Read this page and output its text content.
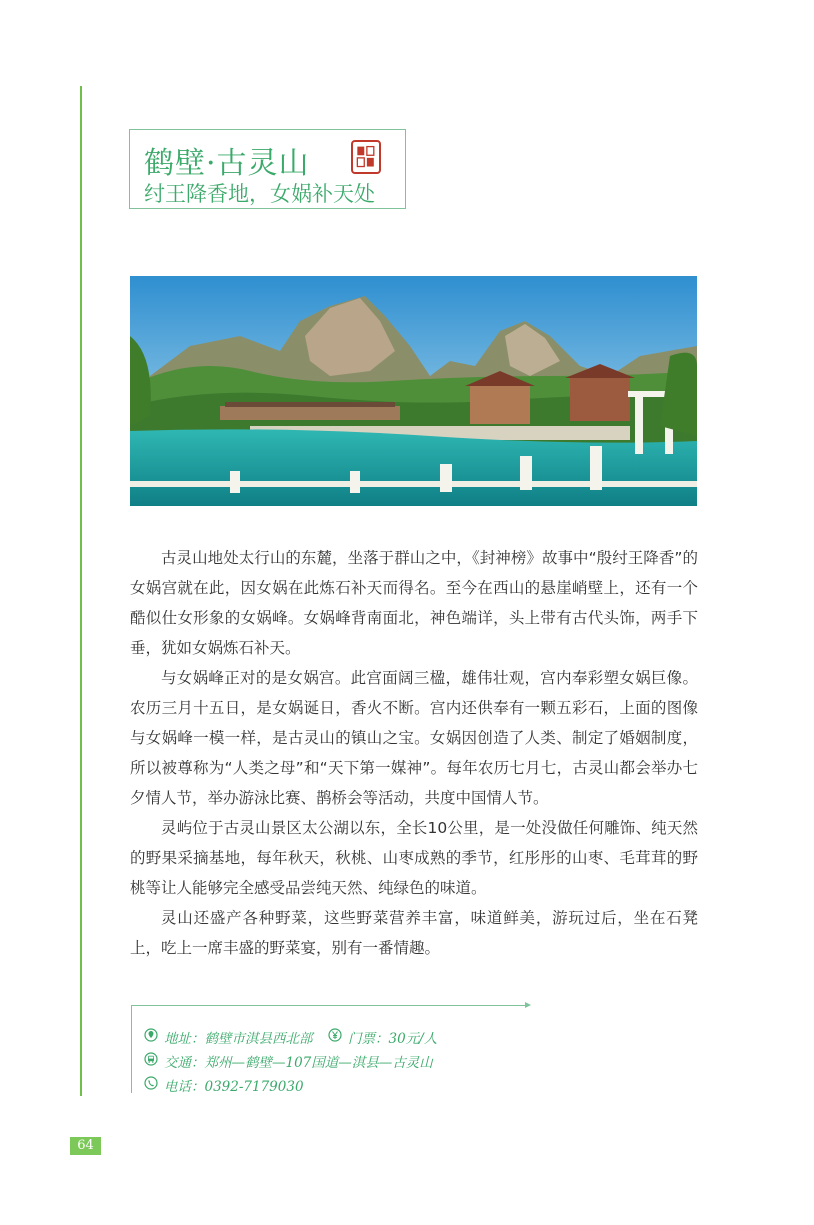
鹤壁·古灵山
纣王降香地，女娲补天处

古灵山地处太行山的东麓，坐落于群山之中，《封神榜》故事中“殷纣王降香”的女娲宫就在此，因女娲在此炼石补天而得名。至今在西山的悬崖峭壁上，还有一个酷似仕女形象的女娲峰。女娲峰背南面北，神色端详，头上带有古代头饰，两手下垂，犹如女娲炼石补天。

与女娲峰正对的是女娲宫。此宫面阔三楹，雄伟壮观，宫内奉彩塑女娲巨像。农历三月十五日，是女娲诞日，香火不断。宫内还供奉有一颗五彩石，上面的图像与女娲峰一模一样，是古灵山的镇山之宝。女娲因创造了人类、制定了婚姻制度，所以被尊称为“人类之母”和“天下第一媒神”。每年农历七月七，古灵山都会举办七夕情人节，举办游泳比赛、鹊桥会等活动，共度中国情人节。

灵屿位于古灵山景区太公湖以东，全长10公里，是一处没做任何雕饰、纯天然的野果采摘基地，每年秋天，秋桃、山枣成熟的季节，红彤彤的山枣、毛茸茸的野桃等让人能够完全感受品尝纯天然、纯绿色的味道。

灵山还盛产各种野菜，这些野菜营养丰富，味道鲜美，游玩过后，坐在石凳上，吃上一席丰盛的野菜宴，别有一番情趣。

地址：鹤壁市淇县西北部	门票：30元/人
交通：郑州—鹤壁—107国道—淇县—古灵山
电话：0392-7179030
64
